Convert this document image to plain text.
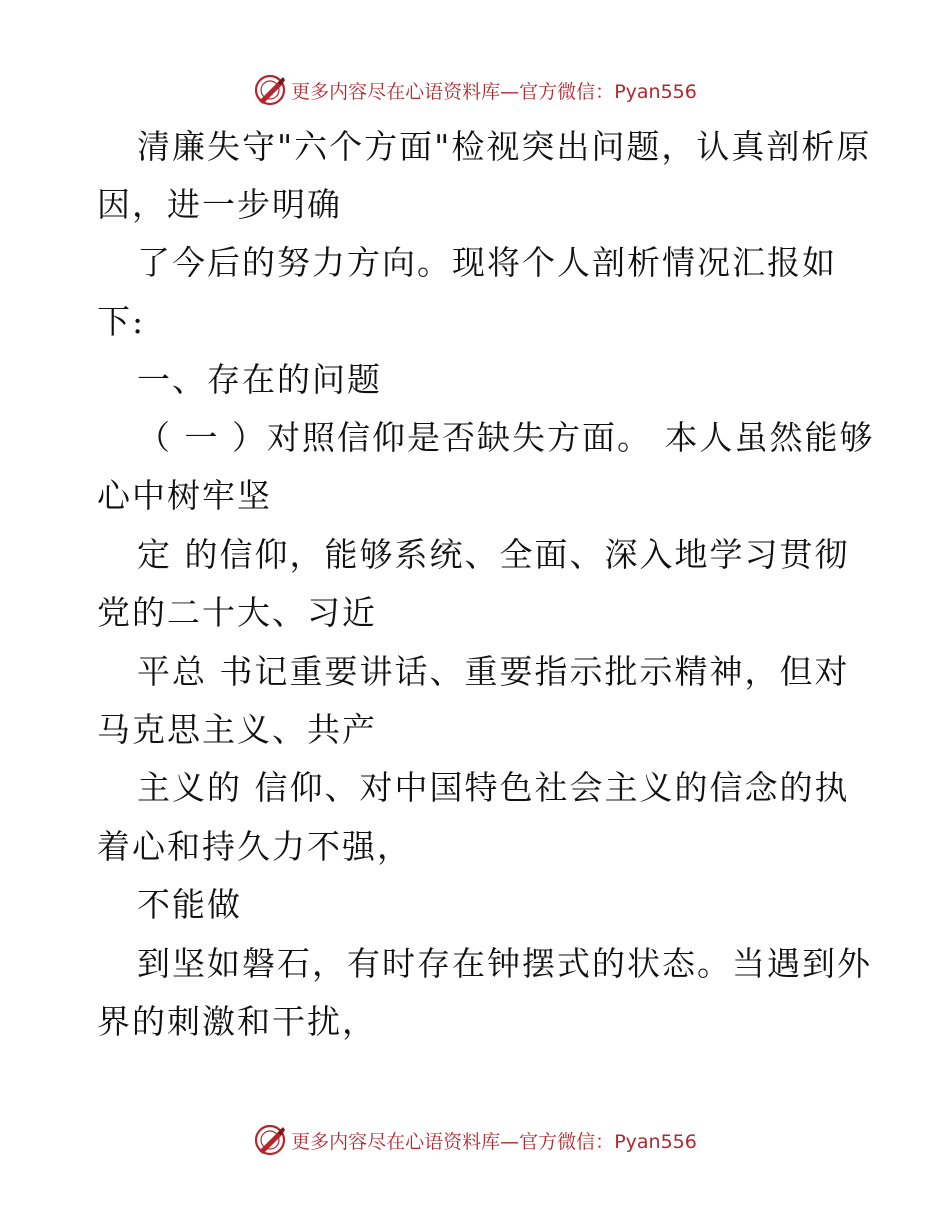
更多内容尽在心语资料库—官方微信：Pyan556
清廉失守"六个方面"检视突出问题，认真剖析原
因，进一步明确
了今后的努力方向。现将个人剖析情况汇报如
下:
一、存在的问题
（ 一 ）对照信仰是否缺失方面。 本人虽然能够
心中树牢坚
定 的信仰，能够系统、全面、深入地学习贯彻
党的二十大、习近
平总 书记重要讲话、重要指示批示精神，但对
马克思主义、共产
主义的 信仰、对中国特色社会主义的信念的执
着心和持久力不强，
不能做
到坚如磐石，有时存在钟摆式的状态。当遇到外
界的刺激和干扰，
更多内容尽在心语资料库—官方微信：Pyan556
